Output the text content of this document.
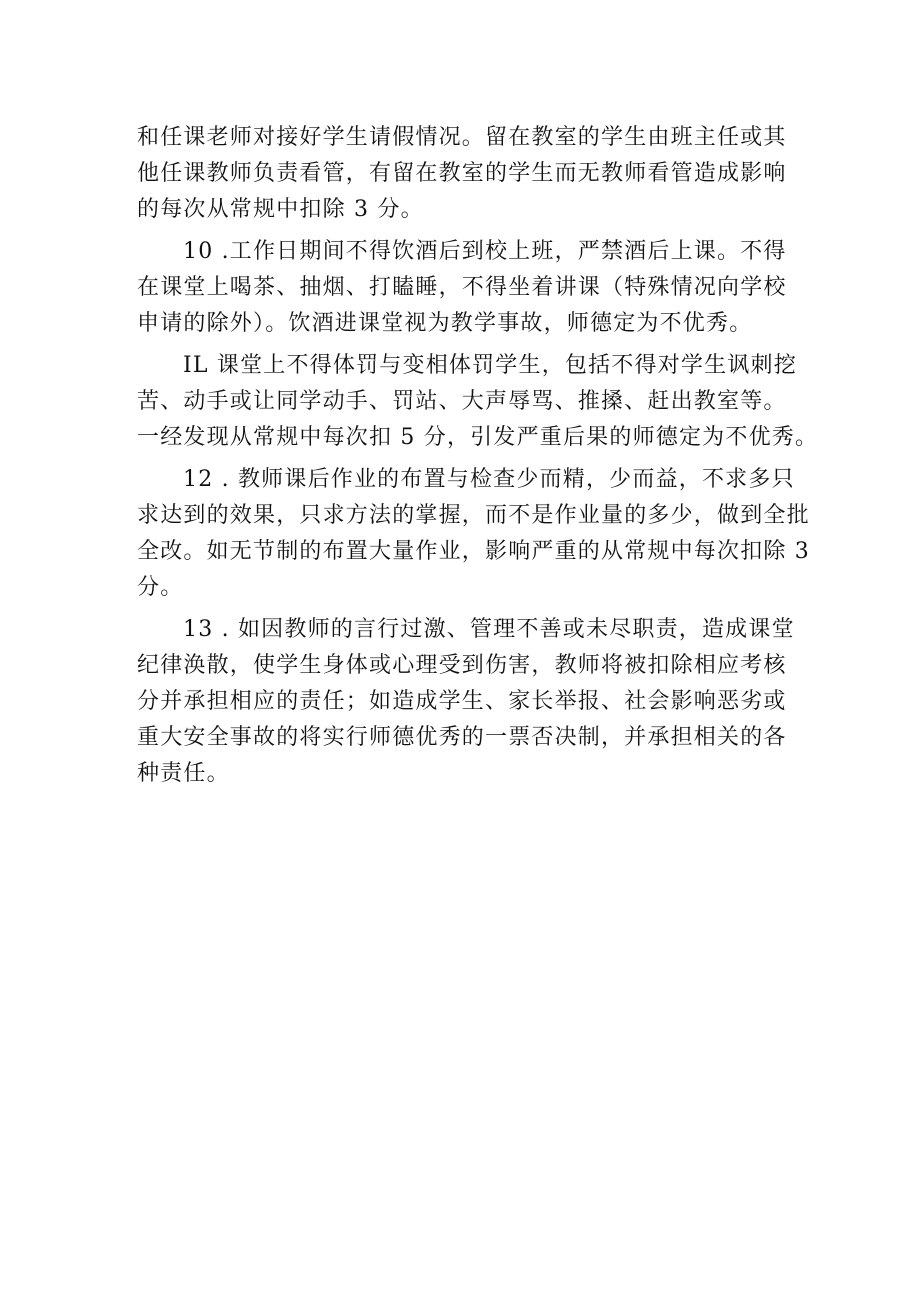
和任课老师对接好学生请假情况。留在教室的学生由班主任或其
他任课教师负责看管，有留在教室的学生而无教师看管造成影响
的每次从常规中扣除 3 分。

10 .工作日期间不得饮酒后到校上班，严禁酒后上课。不得
在课堂上喝茶、抽烟、打瞌睡，不得坐着讲课（特殊情况向学校
申请的除外）。饮酒进课堂视为教学事故，师德定为不优秀。

IL 课堂上不得体罚与变相体罚学生，包括不得对学生讽刺挖
苦、动手或让同学动手、罚站、大声辱骂、推搡、赶出教室等。
一经发现从常规中每次扣 5 分，引发严重后果的师德定为不优秀。

12 . 教师课后作业的布置与检查少而精，少而益，不求多只
求达到的效果，只求方法的掌握，而不是作业量的多少，做到全批
全改。如无节制的布置大量作业，影响严重的从常规中每次扣除 3
分。

13 . 如因教师的言行过激、管理不善或未尽职责，造成课堂
纪律涣散，使学生身体或心理受到伤害，教师将被扣除相应考核
分并承担相应的责任；如造成学生、家长举报、社会影响恶劣或
重大安全事故的将实行师德优秀的一票否决制，并承担相关的各
种责任。
